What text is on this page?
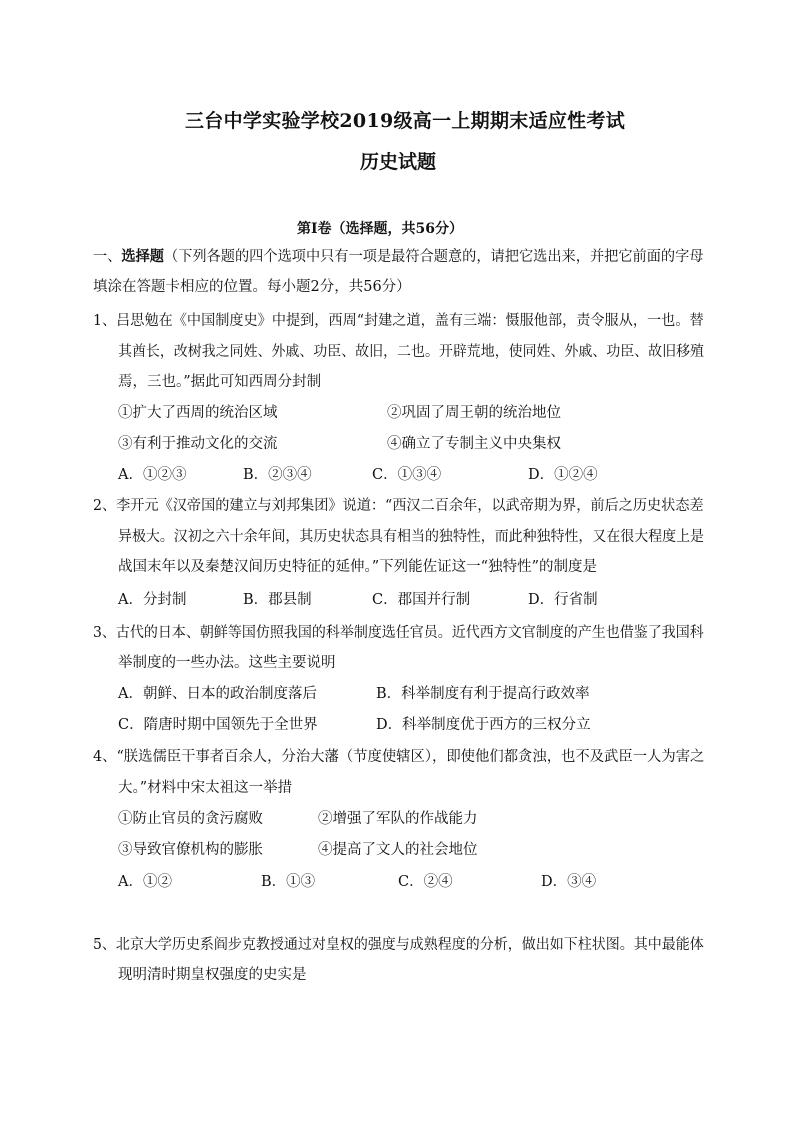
三台中学实验学校2019级高一上期期末适应性考试
历史试题
第Ⅰ卷（选择题，共56分）
一、选择题（下列各题的四个选项中只有一项是最符合题意的，请把它选出来，并把它前面的字母
填涂在答题卡相应的位置。每小题2分，共56分）
1、吕思勉在《中国制度史》中提到，西周“封建之道，盖有三端：慑服他部，责令服从，一也。替
其酋长，改树我之同姓、外戚、功臣、故旧，二也。开辟荒地，使同姓、外戚、功臣、故旧移殖
焉，三也。”据此可知西周分封制
①扩大了西周的统治区域	②巩固了周王朝的统治地位
③有利于推动文化的交流	④确立了专制主义中央集权
A．①②③	B．②③④	C．①③④	D．①②④
2、李开元《汉帝国的建立与刘邦集团》说道：“西汉二百余年，以武帝期为界，前后之历史状态差
异极大。汉初之六十余年间，其历史状态具有相当的独特性，而此种独特性，又在很大程度上是
战国末年以及秦楚汉间历史特征的延伸。”下列能佐证这一“独特性”的制度是
A．分封制	B．郡县制	C．郡国并行制	D．行省制
3、古代的日本、朝鲜等国仿照我国的科举制度选任官员。近代西方文官制度的产生也借鉴了我国科
举制度的一些办法。这些主要说明
A．朝鲜、日本的政治制度落后	B．科举制度有利于提高行政效率
C．隋唐时期中国领先于全世界	D．科举制度优于西方的三权分立
4、“朕选儒臣干事者百余人，分治大藩（节度使辖区），即使他们都贪浊，也不及武臣一人为害之
大。”材料中宋太祖这一举措
①防止官员的贪污腐败	②增强了军队的作战能力
③导致官僚机构的膨胀	④提高了文人的社会地位
A．①②	B．①③	C．②④	D．③④
5、北京大学历史系阎步克教授通过对皇权的强度与成熟程度的分析，做出如下柱状图。其中最能体
现明清时期皇权强度的史实是
